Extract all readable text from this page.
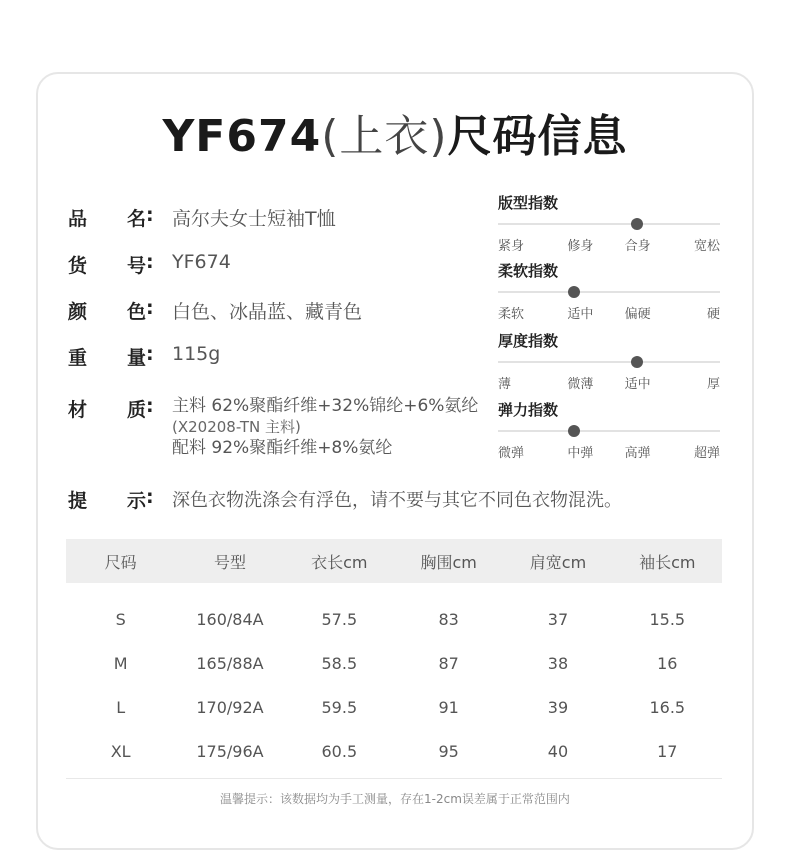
YF674(上衣)尺码信息
品 名 : 高尔夫女士短袖T恤
货 号 : YF674
颜 色 : 白色、冰晶蓝、藏青色
重 量 : 115g
材 质 :	主料 62%聚酯纤维+32%锦纶+6%氨纶
(X20208-TN 主料)
配料 92%聚酯纤维+8%氨纶
版型指数
紧身	修身	合身	宽松
柔软指数
柔软	适中	偏硬	硬
厚度指数
薄	微薄	适中	厚
弹力指数
微弹	中弹	高弹	超弹
提 示 :	深色衣物洗涤会有浮色，请不要与其它不同色衣物混洗。
尺码	号型	衣长cm	胸围cm	肩宽cm	袖长cm
S	160/84A	57.5	83	37	15.5
M	165/88A	58.5	87	38	16
L	170/92A	59.5	91	39	16.5
XL	175/96A	60.5	95	40	17
温馨提示：该数据均为手工测量，存在1-2cm误差属于正常范围内
